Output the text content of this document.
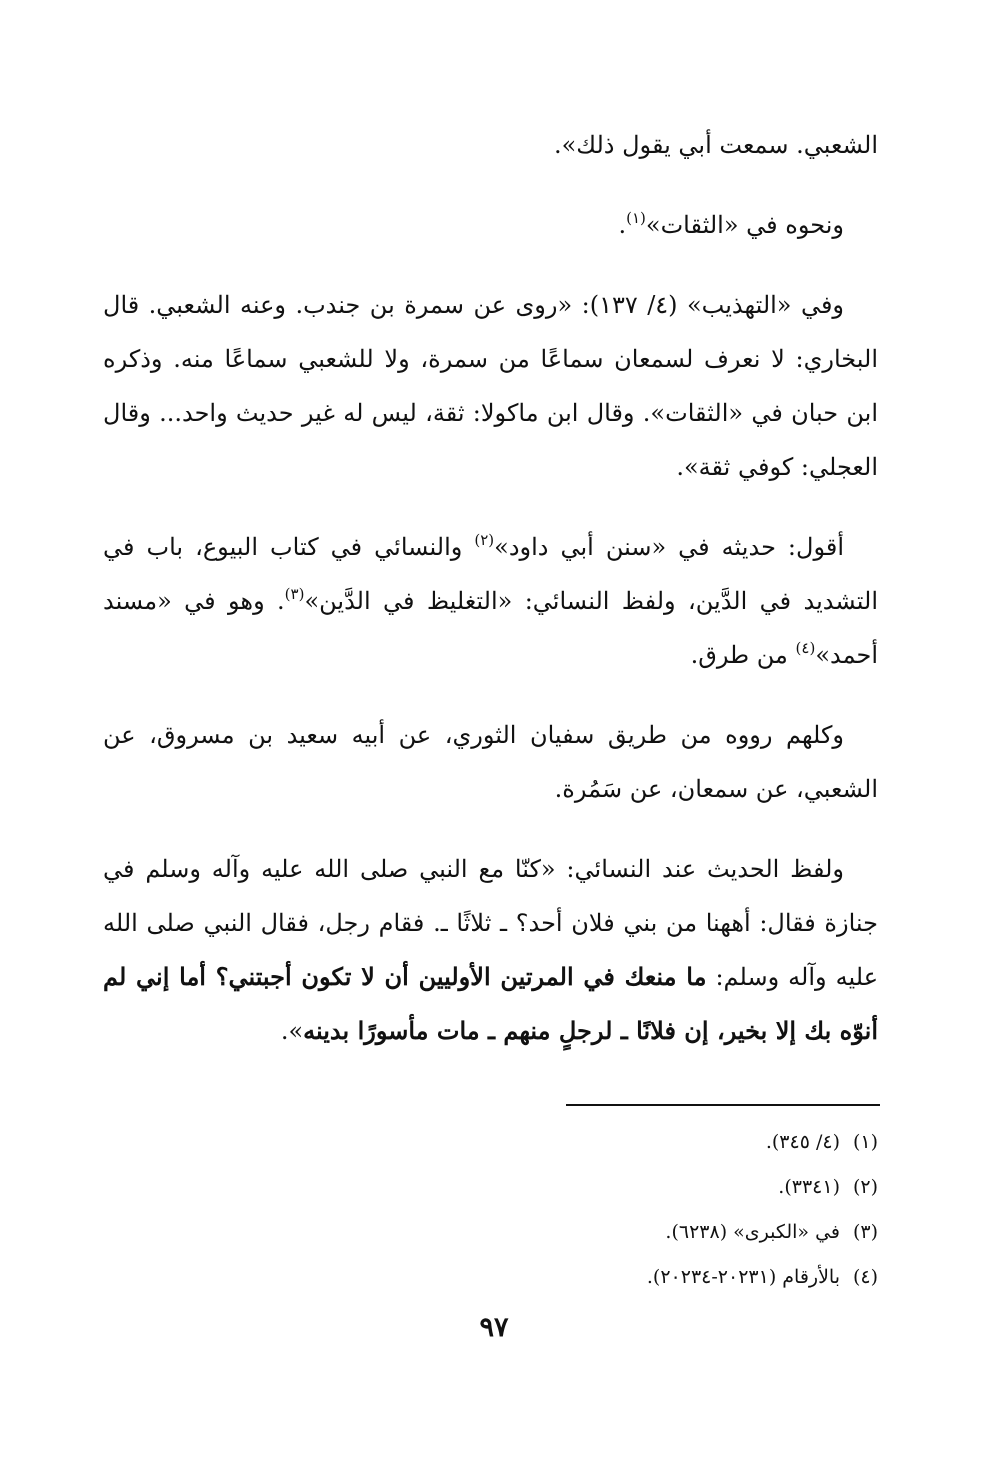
الشعبي. سمعت أبي يقول ذلك».

ونحوه في «الثقات»$^{(١)}$.

وفي «التهذيب» (٤/ ١٣٧): «روى عن سمرة بن جندب. وعنه الشعبي. قال البخاري: لا نعرف لسمعان سماعًا من سمرة، ولا للشعبي سماعًا منه. وذكره ابن حبان في «الثقات». وقال ابن ماكولا: ثقة، ليس له غير حديث واحد... وقال العجلي: كوفي ثقة».

أقول: حديثه في «سنن أبي داود»$^{(٢)}$ والنسائي في كتاب البيوع، باب في التشديد في الدَّين، ولفظ النسائي: «التغليظ في الدَّين»$^{(٣)}$. وهو في «مسند أحمد»$^{(٤)}$ من طرق.

وكلهم رووه من طريق سفيان الثوري، عن أبيه سعيد بن مسروق، عن الشعبي، عن سمعان، عن سَمُرة.

ولفظ الحديث عند النسائي: «كنّا مع النبي صلى الله عليه وآله وسلم في جنازة فقال: أههنا من بني فلان أحد؟ ـ ثلاثًا ـ. فقام رجل، فقال النبي صلى الله عليه وآله وسلم: ما منعك في المرتين الأوليين أن لا تكون أجبتني؟ أما إني لم أنوّه بك إلا بخير، إن فلانًا ـ لرجلٍ منهم ـ مات مأسورًا بدينه».

(١)
(٤/ ٣٤٥).
(٢)
(٣٣٤١).
(٣)
في «الكبرى» (٦٢٣٨).
(٤)
بالأرقام (٢٠٢٣١-٢٠٢٣٤).
٩٧
